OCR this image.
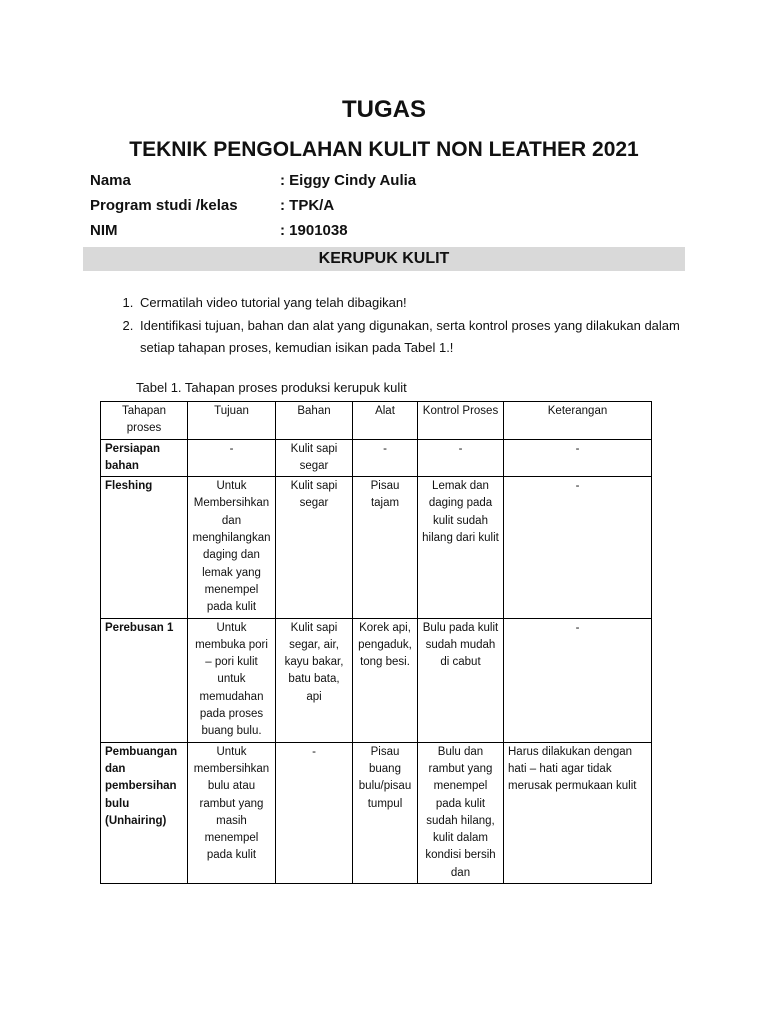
TUGAS
TEKNIK PENGOLAHAN KULIT NON LEATHER 2021
Nama	: Eiggy Cindy Aulia
Program studi /kelas	: TPK/A
NIM	: 1901038
KERUPUK KULIT
1. Cermatilah video tutorial yang telah dibagikan!
2. Identifikasi tujuan, bahan dan alat yang digunakan, serta kontrol proses yang dilakukan dalam setiap tahapan proses, kemudian isikan pada Tabel 1.!
Tabel 1. Tahapan proses produksi kerupuk kulit
Tahapan proses	Tujuan	Bahan	Alat	Kontrol Proses	Keterangan
Persiapan bahan	-	Kulit sapi segar	-	-	-
Fleshing	Untuk Membersihkan dan menghilangkan daging dan lemak yang menempel pada kulit	Kulit sapi segar	Pisau tajam	Lemak dan daging pada kulit sudah hilang dari kulit	-
Perebusan 1	Untuk membuka pori – pori kulit untuk memudahan pada proses buang bulu.	Kulit sapi segar, air, kayu bakar, batu bata, api	Korek api, pengaduk, tong besi.	Bulu pada kulit sudah mudah di cabut	-
Pembuangan dan pembersihan bulu (Unhairing)	Untuk membersihkan bulu atau rambut yang masih menempel pada kulit	-	Pisau buang bulu/pisau tumpul	Bulu dan rambut yang menempel pada kulit sudah hilang, kulit dalam kondisi bersih dan	Harus dilakukan dengan hati – hati agar tidak merusak permukaan kulit
